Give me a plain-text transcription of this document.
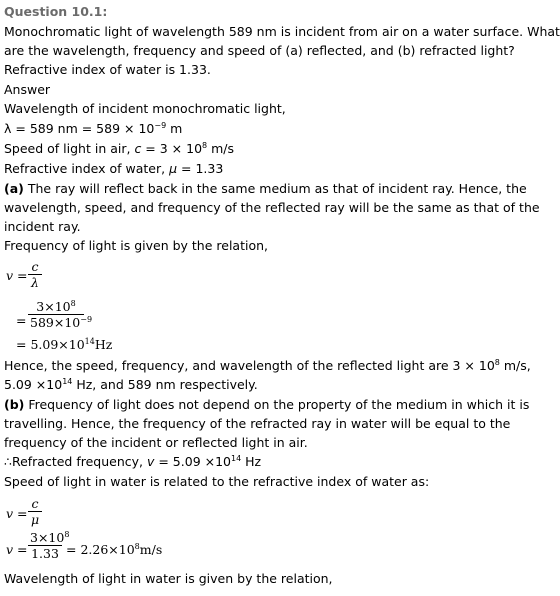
Question 10.1:
Monochromatic light of wavelength 589 nm is incident from air on a water surface. What
are the wavelength, frequency and speed of (a) reflected, and (b) refracted light?
Refractive index of water is 1.33.
Answer
Wavelength of incident monochromatic light,
λ = 589 nm = $589 \times 10^{-9}$ m
Speed of light in air, $c = 3 \times 10^8$ m/s
Refractive index of water, μ = 1.33
(a) The ray will reflect back in the same medium as that of incident ray. Hence, the
wavelength, speed, and frequency of the reflected ray will be the same as that of the
incident ray.
Frequency of light is given by the relation,
v =
c
λ
=
$3\times 10^8$
$589\times 10^{-9}$
= $5.09\times 10^{14}Hz$
Hence, the speed, frequency, and wavelength of the reflected light are $3 \times 10^8$ m/s,
$5.09 \times 10^{14}$ Hz, and 589 nm respectively.
(b) Frequency of light does not depend on the property of the medium in which it is
travelling. Hence, the frequency of the refracted ray in water will be equal to the
frequency of the incident or reflected light in air.
∴Refracted frequency, $v = 5.09 \times 10^{14}$ Hz
Speed of light in water is related to the refractive index of water as:
v =
c
μ
v =
$3\times 10^8$
$1.33 = 2.26\times 10^8m/s$
Wavelength of light in water is given by the relation,
